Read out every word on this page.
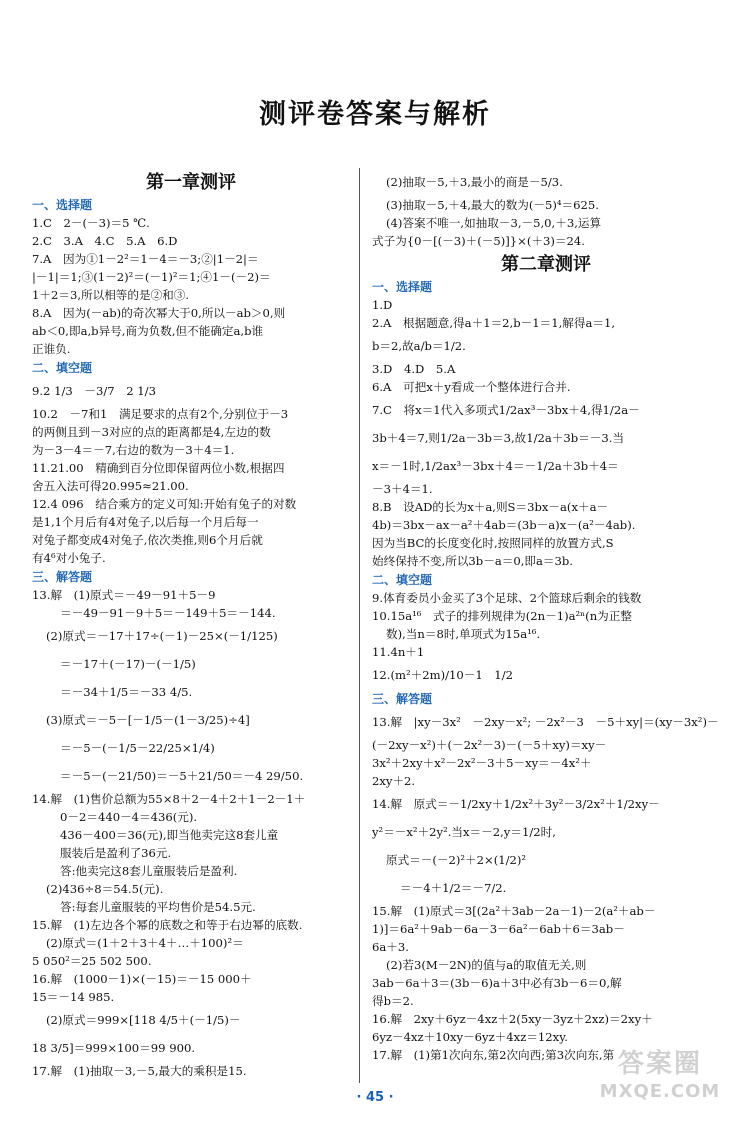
测评卷答案与解析
第一章测评
一、选择题
1.C　2－(－3)＝5 ℃.
2.C　3.A　4.C　5.A　6.D
7.A　因为①1－2²＝1－4＝－3;②|1－2|＝
|－1|＝1;③(1－2)²＝(－1)²＝1;④1－(－2)＝
1＋2＝3,所以相等的是②和③.
8.A　因为(－ab)的奇次幂大于0,所以－ab＞0,则
ab＜0,即a,b异号,商为负数,但不能确定a,b谁
正谁负.
二、填空题
9.2 1/3　－3/7　2 1/3
10.2　－7和1　满足要求的点有2个,分别位于－3
的两侧且到－3对应的点的距离都是4,左边的数
为－3－4＝－7,右边的数为－3＋4＝1.
11.21.00　精确到百分位即保留两位小数,根据四
舍五入法可得20.995≈21.00.
12.4 096　结合乘方的定义可知:开始有兔子的对数
是1,1个月后有4对兔子,以后每一个月后每一
对兔子都变成4对兔子,依次类推,则6个月后就
有4⁶对小兔子.
三、解答题
13.解　(1)原式＝－49－91＋5－9
＝－49－91－9＋5＝－149＋5＝－144.
(2)原式＝－17＋17÷(－1)－25×(－1/125)
＝－17＋(－17)－(－1/5)
＝－34＋1/5＝－33 4/5.
(3)原式＝－5－[－1/5－(1－3/25)÷4]
＝－5－(－1/5－22/25×1/4)
＝－5－(－21/50)＝－5＋21/50＝－4 29/50.
14.解　(1)售价总额为55×8＋2－4＋2＋1－2－1＋
0－2＝440－4＝436(元).
436－400＝36(元),即当他卖完这8套儿童
服装后是盈利了36元.
答:他卖完这8套儿童服装后是盈利.
(2)436÷8＝54.5(元).
答:每套儿童服装的平均售价是54.5元.
15.解　(1)左边各个幂的底数之和等于右边幂的底数.
(2)原式＝(1＋2＋3＋4＋…＋100)²＝
5 050²＝25 502 500.
16.解　(1000－1)×(－15)＝－15 000＋
15＝－14 985.
(2)原式＝999×[118 4/5＋(－1/5)－
18 3/5]＝999×100＝99 900.
17.解　(1)抽取－3,－5,最大的乘积是15.
(2)抽取－5,＋3,最小的商是－5/3.
(3)抽取－5,＋4,最大的数为(－5)⁴＝625.
(4)答案不唯一,如抽取－3,－5,0,＋3,运算
式子为{0－[(－3)＋(－5)]}×(＋3)＝24.
第二章测评
一、选择题
1.D
2.A　根据题意,得a＋1＝2,b－1＝1,解得a＝1,
b＝2,故a/b＝1/2.
3.D　4.D　5.A
6.A　可把x＋y看成一个整体进行合并.
7.C　将x＝1代入多项式1/2ax³－3bx＋4,得1/2a－
3b＋4＝7,则1/2a－3b＝3,故1/2a＋3b＝－3.当
x＝－1时,1/2ax³－3bx＋4＝－1/2a＋3b＋4＝
－3＋4＝1.
8.B　设AD的长为x＋a,则S＝3bx－a(x＋a－
4b)＝3bx－ax－a²＋4ab＝(3b－a)x－(a²－4ab).
因为当BC的长度变化时,按照同样的放置方式,S
始终保持不变,所以3b－a＝0,即a＝3b.
二、填空题
9.体育委员小金买了3个足球、2个篮球后剩余的钱数
10.15a¹⁶　式子的排列规律为(2n－1)a²ⁿ(n为正整
数),当n＝8时,单项式为15a¹⁶.
11.4n＋1
12.(m²＋2m)/10－1　1/2
三、解答题
13.解　|xy－3x²　－2xy－x²; －2x²－3　－5＋xy|＝(xy－3x²)－
(－2xy－x²)＋(－2x²－3)－(－5＋xy)＝xy－
3x²＋2xy＋x²－2x²－3＋5－xy＝－4x²＋
2xy＋2.
14.解　原式＝－1/2xy＋1/2x²＋3y²－3/2x²＋1/2xy－
y²＝－x²＋2y².当x＝－2,y＝1/2时,
原式＝－(－2)²＋2×(1/2)²
＝－4＋1/2＝－7/2.
15.解　(1)原式＝3[(2a²＋3ab－2a－1)－2(a²＋ab－
1)]＝6a²＋9ab－6a－3－6a²－6ab＋6＝3ab－
6a＋3.
(2)若3(M－2N)的值与a的取值无关,则
3ab－6a＋3＝(3b－6)a＋3中必有3b－6＝0,解
得b＝2.
16.解　2xy＋6yz－4xz＋2(5xy－3yz＋2xz)＝2xy＋
6yz－4xz＋10xy－6yz＋4xz＝12xy.
17.解　(1)第1次向东,第2次向西;第3次向东,第
· 45 ·
答案圈
MXQE.COM
